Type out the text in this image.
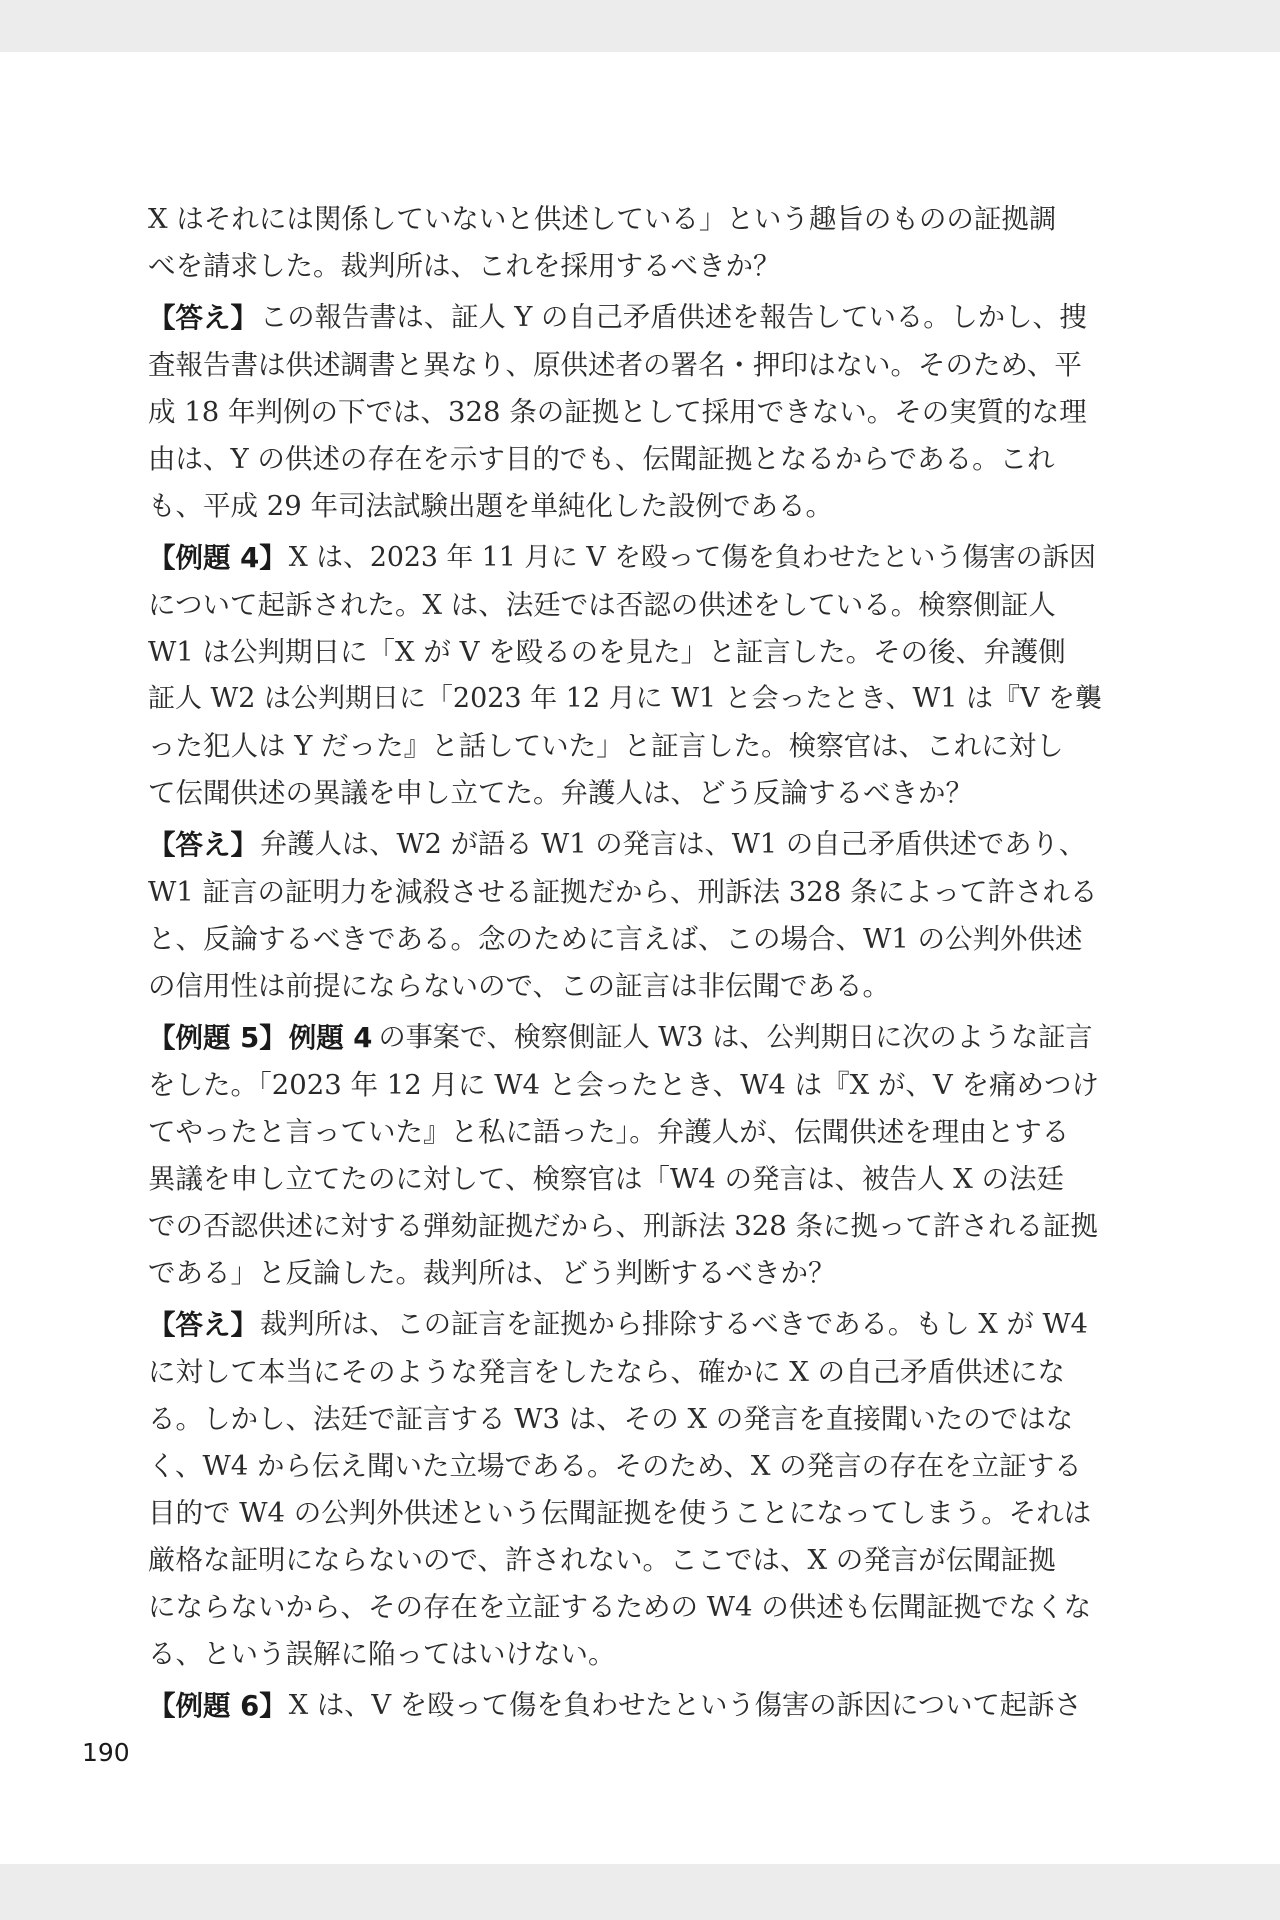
X はそれには関係していないと供述している」という趣旨のものの証拠調
べを請求した。裁判所は、これを採用するべきか？
【答え】 この報告書は、証人 Y の自己矛盾供述を報告している。しかし、捜
査報告書は供述調書と異なり、原供述者の署名・押印はない。そのため、平
成 18 年判例の下では、328 条の証拠として採用できない。その実質的な理
由は、Y の供述の存在を示す目的でも、伝聞証拠となるからである。これ
も、平成 29 年司法試験出題を単純化した設例である。
【例題 4】 X は、2023 年 11 月に V を殴って傷を負わせたという傷害の訴因
について起訴された。X は、法廷では否認の供述をしている。検察側証人
W1 は公判期日に「X が V を殴るのを見た」と証言した。その後、弁護側
証人 W2 は公判期日に「2023 年 12 月に W1 と会ったとき、W1 は『V を襲
った犯人は Y だった』と話していた」と証言した。検察官は、これに対し
て伝聞供述の異議を申し立てた。弁護人は、どう反論するべきか？
【答え】 弁護人は、W2 が語る W1 の発言は、W1 の自己矛盾供述であり、
W1 証言の証明力を減殺させる証拠だから、刑訴法 328 条によって許される
と、反論するべきである。念のために言えば、この場合、W1 の公判外供述
の信用性は前提にならないので、この証言は非伝聞である。
【例題 5】 例題 4 の事案で、検察側証人 W3 は、公判期日に次のような証言
をした。「2023 年 12 月に W4 と会ったとき、W4 は『X が、V を痛めつけ
てやったと言っていた』と私に語った」。弁護人が、伝聞供述を理由とする
異議を申し立てたのに対して、検察官は「W4 の発言は、被告人 X の法廷
での否認供述に対する弾劾証拠だから、刑訴法 328 条に拠って許される証拠
である」と反論した。裁判所は、どう判断するべきか？
【答え】 裁判所は、この証言を証拠から排除するべきである。もし X が W4
に対して本当にそのような発言をしたなら、確かに X の自己矛盾供述にな
る。しかし、法廷で証言する W3 は、その X の発言を直接聞いたのではな
く、W4 から伝え聞いた立場である。そのため、X の発言の存在を立証する
目的で W4 の公判外供述という伝聞証拠を使うことになってしまう。それは
厳格な証明にならないので、許されない。ここでは、X の発言が伝聞証拠
にならないから、その存在を立証するための W4 の供述も伝聞証拠でなくな
る、という誤解に陥ってはいけない。
【例題 6】 X は、V を殴って傷を負わせたという傷害の訴因について起訴さ
190
